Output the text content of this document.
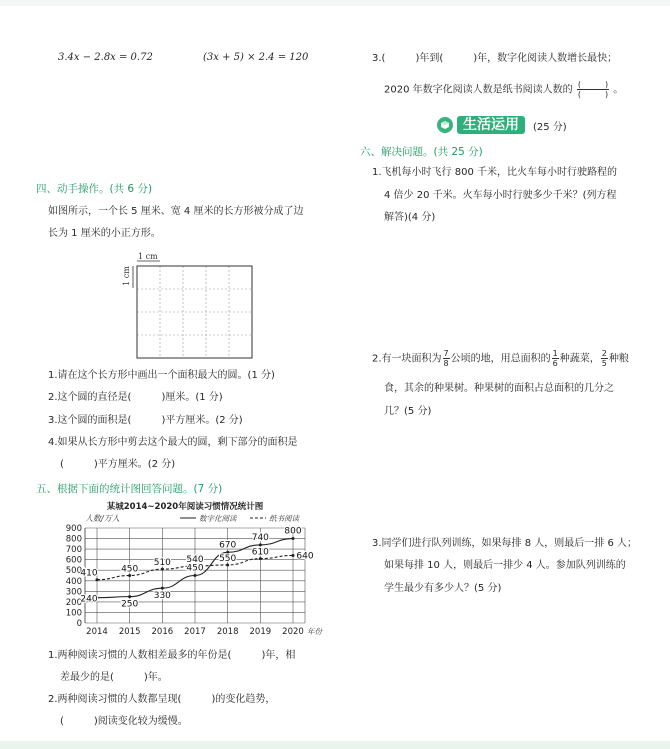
3.4x − 2.8x = 0.72	(3x + 5) × 2.4 = 120
四、动手操作。(共 6 分)
如图所示，一个长 5 厘米、宽 4 厘米的长方形被分成了边
长为 1 厘米的小正方形。
1 cm
1 cm
1.请在这个长方形中画出一个面积最大的圆。(1 分)
2.这个圆的直径是(　　　)厘米。(1 分)
3.这个圆的面积是(　　　)平方厘米。(2 分)
4.如果从长方形中剪去这个最大的圆，剩下部分的面积是
(　　　)平方厘米。(2 分)
五、根据下面的统计图回答问题。(7 分)
某城2014~2020年阅读习惯情况统计图
人数/万人	数字化阅读	纸书阅读
0
100
200
300
400
500
600
700
800
900
2014 2015 2016 2017 2018 2019 2020 年份
240	250
330
450
670
740
800
410	450
510 540 550
610	640
1.两种阅读习惯的人数相差最多的年份是(　　　)年，相
差最少的是(　　　)年。
2.两种阅读习惯的人数都呈现(　　　)的变化趋势，
(　　　)阅读变化较为缓慢。
3.(　　　)年到(　　　)年，数字化阅读人数增长最快；
2020 年数字化阅读人数是纸书阅读人数的 $\frac{( )}{( )}$ 。
生活运用	(25 分)
六、解决问题。(共 25 分)
1.飞机每小时飞行 800 千米，比火车每小时行驶路程的
4 倍少 20 千米。火车每小时行驶多少千米？(列方程
解答)(4 分)
2.有一块面积为 $\frac{7}{8}$ 公顷的地，用总面积的 $\frac{1}{6}$ 种蔬菜， $\frac{2}{5}$ 种粮
食，其余的种果树。种果树的面积占总面积的几分之
几？(5 分)
3.同学们进行队列训练，如果每排 8 人，则最后一排 6 人；
如果每排 10 人，则最后一排少 4 人。参加队列训练的
学生最少有多少人？(5 分)
